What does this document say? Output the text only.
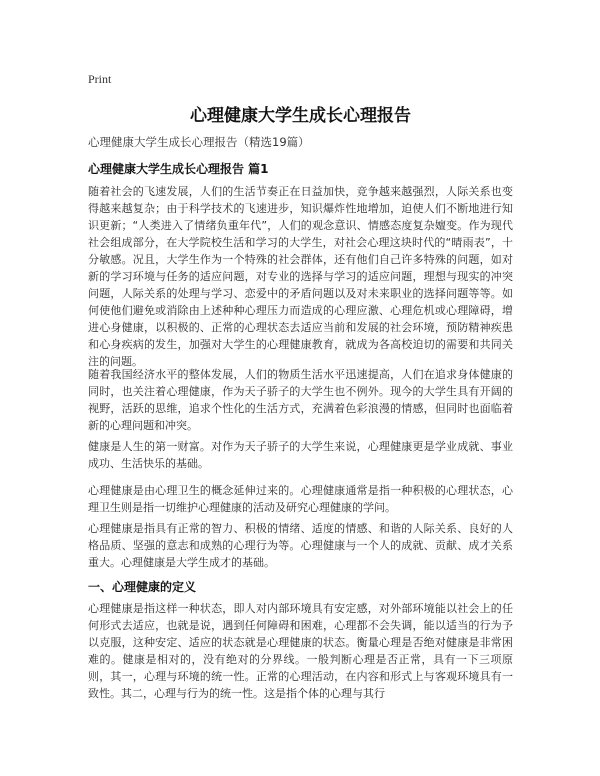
Print
心理健康大学生成长心理报告
心理健康大学生成长心理报告（精选19篇）
心理健康大学生成长心理报告 篇1
随着社会的飞速发展，人们的生活节奏正在日益加快，竞争越来越强烈，人际关系也变得越来越复杂；由于科学技术的飞速进步，知识爆炸性地增加，迫使人们不断地进行知识更新；“人类进入了情绪负重年代”，人们的观念意识、情感态度复杂嬗变。作为现代社会组成部分，在大学院校生活和学习的大学生，对社会心理这块时代的“晴雨表”，十分敏感。况且，大学生作为一个特殊的社会群体，还有他们自己许多特殊的问题，如对新的学习环境与任务的适应问题，对专业的选择与学习的适应问题，理想与现实的冲突问题，人际关系的处理与学习、恋爱中的矛盾问题以及对未来职业的选择问题等等。如何使他们避免或消除由上述种种心理压力而造成的心理应激、心理危机或心理障碍，增进心身健康，以积极的、正常的心理状态去适应当前和发展的社会环境，预防精神疾患和心身疾病的发生，加强对大学生的心理健康教育，就成为各高校迫切的需要和共同关注的问题。
随着我国经济水平的整体发展，人们的物质生活水平迅速提高，人们在追求身体健康的同时，也关注着心理健康，作为天子骄子的大学生也不例外。现今的大学生具有开阔的视野，活跃的思维，追求个性化的生活方式，充满着色彩浪漫的情感，但同时也面临着新的心理问题和冲突。
健康是人生的第一财富。对作为天子骄子的大学生来说，心理健康更是学业成就、事业成功、生活快乐的基础。
心理健康是由心理卫生的概念延伸过来的。心理健康通常是指一种积极的心理状态，心理卫生则是指一切维护心理健康的活动及研究心理健康的学问。
心理健康是指具有正常的智力、积极的情绪、适度的情感、和谐的人际关系、良好的人格品质、坚强的意志和成熟的心理行为等。心理健康与一个人的成就、贡献、成才关系重大。心理健康是大学生成才的基础。
一、心理健康的定义
心理健康是指这样一种状态，即人对内部环境具有安定感，对外部环境能以社会上的任何形式去适应，也就是说，遇到任何障碍和困难，心理都不会失调，能以适当的行为予以克服，这种安定、适应的状态就是心理健康的状态。衡量心理是否绝对健康是非常困难的。健康是相对的，没有绝对的分界线。一般判断心理是否正常，具有一下三项原则，其一，心理与环境的统一性。正常的心理活动，在内容和形式上与客观环境具有一致性。其二，心理与行为的统一性。这是指个体的心理与其行
